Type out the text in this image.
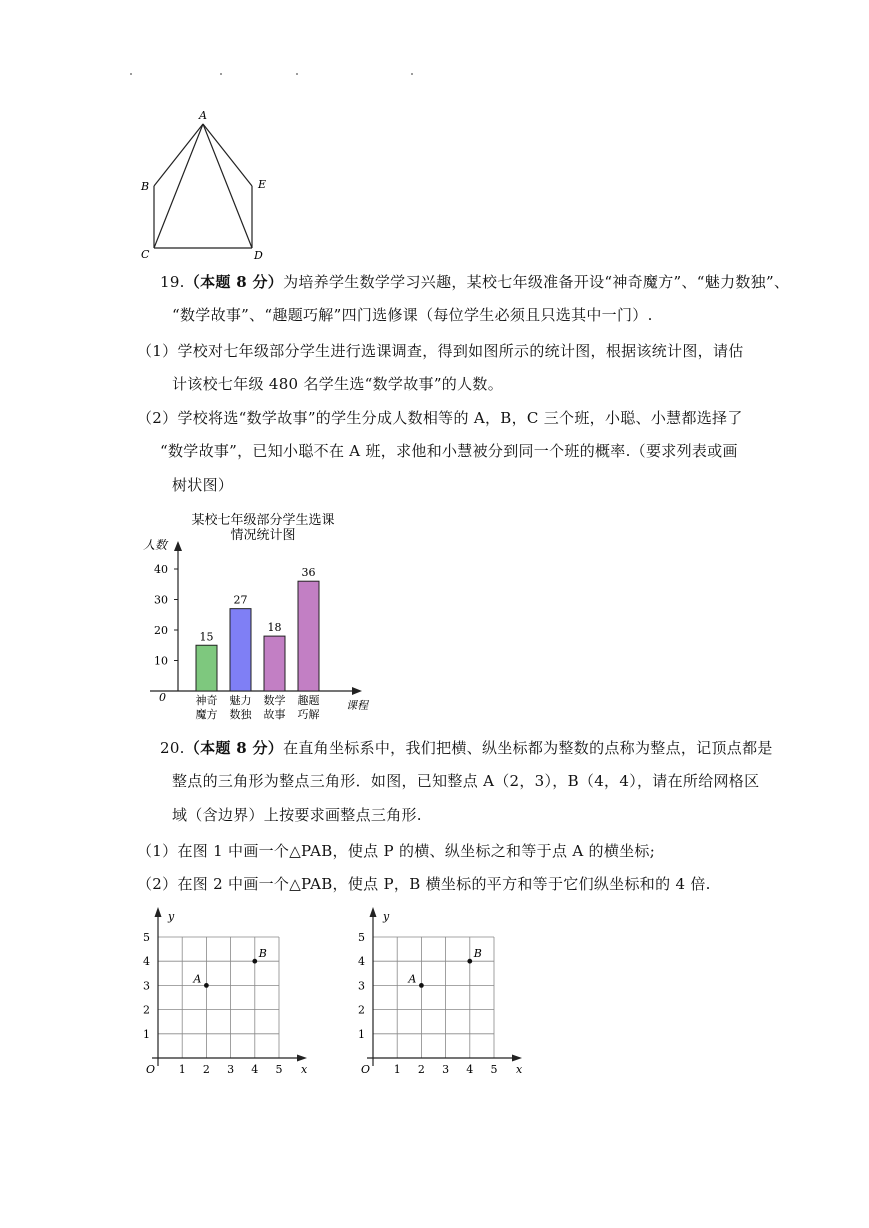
A
B
C	D
E
19.（本题 8 分）为培养学生数学学习兴趣，某校七年级准备开设“神奇魔方”、“魅力数独”、
“数学故事”、“趣题巧解”四门选修课（每位学生必须且只选其中一门）.
（1）学校对七年级部分学生进行选课调查，得到如图所示的统计图，根据该统计图，请估
计该校七年级 480 名学生选“数学故事”的人数。
（2）学校将选“数学故事”的学生分成人数相等的 A，B，C 三个班，小聪、小慧都选择了
“数学故事”，已知小聪不在 A 班，求他和小慧被分到同一个班的概率.（要求列表或画
树状图）
某校七年级部分学生选课
情况统计图
人数
课程
0
10
20
30
40
15
27
18
36
神奇
魔方
魅力
数独
数学
故事
趣题
巧解
20.（本题 8 分）在直角坐标系中，我们把横、纵坐标都为整数的点称为整点，记顶点都是
整点的三角形为整点三角形．如图，已知整点 A（2，3），B（4，4），请在所给网格区
域（含边界）上按要求画整点三角形.
（1）在图 1 中画一个△PAB，使点 P 的横、纵坐标之和等于点 A 的横坐标;
（2）在图 2 中画一个△PAB，使点 P，B 横坐标的平方和等于它们纵坐标和的 4 倍.
x
y
O 1 2 3 4 5
1
2
3
4
5
A
B
x
y
O 1 2 3 4 5
1
2
3
4
5
A
B
